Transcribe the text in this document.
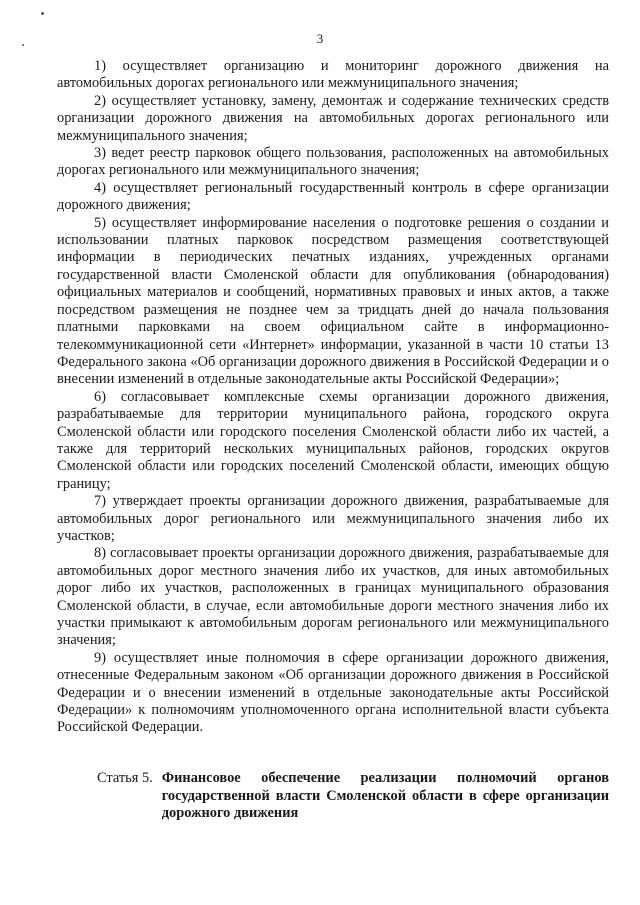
3

1) осуществляет организацию и мониторинг дорожного движения на автомобильных дорогах регионального или межмуниципального значения;

2) осуществляет установку, замену, демонтаж и содержание технических средств организации дорожного движения на автомобильных дорогах регионального или межмуниципального значения;

3) ведет реестр парковок общего пользования, расположенных на автомобильных дорогах регионального или межмуниципального значения;

4) осуществляет региональный государственный контроль в сфере организации дорожного движения;

5) осуществляет информирование населения о подготовке решения о создании и использовании платных парковок посредством размещения соответствующей информации в периодических печатных изданиях, учрежденных органами государственной власти Смоленской области для опубликования (обнародования) официальных материалов и сообщений, нормативных правовых и иных актов, а также посредством размещения не позднее чем за тридцать дней до начала пользования платными парковками на своем официальном сайте в информационно-телекоммуникационной сети «Интернет» информации, указанной в части 10 статьи 13 Федерального закона «Об организации дорожного движения в Российской Федерации и о внесении изменений в отдельные законодательные акты Российской Федерации»;

6) согласовывает комплексные схемы организации дорожного движения, разрабатываемые для территории муниципального района, городского округа Смоленской области или городского поселения Смоленской области либо их частей, а также для территорий нескольких муниципальных районов, городских округов Смоленской области или городских поселений Смоленской области, имеющих общую границу;

7) утверждает проекты организации дорожного движения, разрабатываемые для автомобильных дорог регионального или межмуниципального значения либо их участков;

8) согласовывает проекты организации дорожного движения, разрабатываемые для автомобильных дорог местного значения либо их участков, для иных автомобильных дорог либо их участков, расположенных в границах муниципального образования Смоленской области, в случае, если автомобильные дороги местного значения либо их участки примыкают к автомобильным дорогам регионального или межмуниципального значения;

9) осуществляет иные полномочия в сфере организации дорожного движения, отнесенные Федеральным законом «Об организации дорожного движения в Российской Федерации и о внесении изменений в отдельные законодательные акты Российской Федерации» к полномочиям уполномоченного органа исполнительной власти субъекта Российской Федерации.

Статья 5. Финансовое обеспечение реализации полномочий органов государственной власти Смоленской области в сфере организации дорожного движения
